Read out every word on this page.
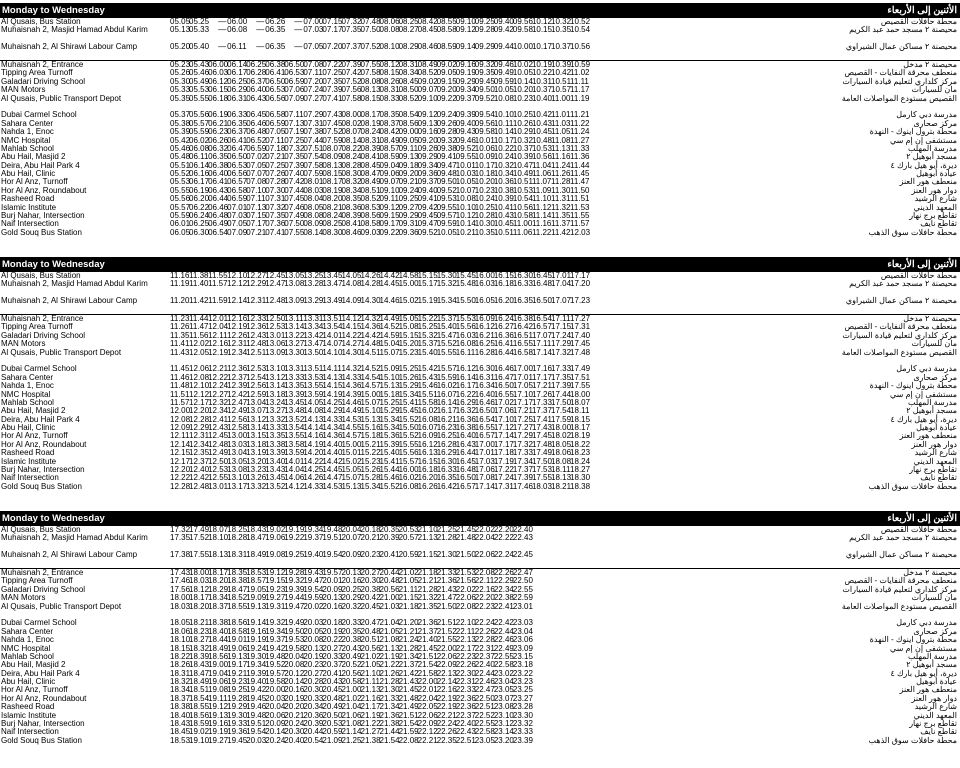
Monday to Wednesday	الأثنين إلى الأربعاء
Al Qusais, Bus Station	05.05 05.25	— 06.00	— 06.26	— 07.00 07.15 07.32 07.48 08.06 08.25 08.42 08.55 09.10 09.25 09.40 09.56 10.12 10.32 10.52	محطة حافلات القصيص
Muhaisnah 2, Masjid Hamad Abdul Karim	05.13 05.33	— 06.08	— 06.35	— 07.03 07.17 07.35 07.50 08.08 08.27 08.45 08.58 09.12 09.28 09.42 09.58 10.15 10.35 10.54	محيصنة ٢ مسجد حمد عبد الكريم
Muhaisnah 2, Al Shirawi Labour Camp	05.20 05.40	— 06.11	— 06.35	— 07.05 07.20 07.37 07.52 08.10 08.29 08.46 08.59 09.14 09.29 09.44 10.00 10.17 10.37 10.56	محيصنة ٢ مساكن عمال الشيراوي
Muhaisnah 2, Entrance	05.23 05.43 06.00 06.14 06.25 06.38 06.50 07.08 07.22 07.39 07.55 08.12 08.31 08.49 09.02 09.16 09.32 09.46 10.02 10.19 10.39 10.59	محيصنة ٢ مدخل
Tipping Area Turnoff	05.26 05.46 06.03 06.17 06.28 06.41 06.53 07.11 07.25 07.42 07.58 08.15 08.34 08.52 09.05 09.19 09.35 09.49 10.05 10.22 10.42 11.02	منعطف محرقة النفايات - القصيص
Galadari Driving School	05.30 05.49 06.12 06.25 06.37 06.50 06.59 07.20 07.35 07.52 08.08 08.26 08.45 09.02 09.15 09.29 09.45 09.59 10.14 10.31 10.51 11.11	مركز كلداري لتعليم قيادة السيارات
MAN Motors	05.33 05.53 06.15 06.29 06.40 06.53 07.06 07.24 07.39 07.56 08.13 08.31 08.50 09.07 09.20 09.34 09.50 10.05 10.20 10.37 10.57 11.17	مان للسيارات
Al Qusais, Public Transport Depot	05.35 05.55 06.18 06.31 06.43 06.56 07.09 07.27 07.41 07.58 08.15 08.33 08.52 09.10 09.22 09.37 09.52 10.08 10.23 10.40 11.00 11.19	القصيص مستودع المواصلات العامة
Dubai Carmel School	05.37 05.56 06.19 06.33 06.45 06.58 07.11 07.29 07.43 08.00 08.17 08.35 08.54 09.12 09.24 09.39 09.54 10.10 10.25 10.42 11.01 11.21	مدرسة دبي كارمل
Sahara Center	05.38 05.57 06.21 06.35 06.46 06.59 07.13 07.31 07.45 08.02 08.19 08.37 08.56 09.13 09.26 09.40 09.56 10.11 10.26 10.43 11.03 11.22	مركز صحارى
Nahda 1, Enoc	05.39 05.59 06.23 06.37 06.48 07.05 07.19 07.38 07.52 08.07 08.24 08.42 09.00 09.16 09.28 09.43 09.58 10.14 10.29 10.45 11.05 11.24	محطة بترول اينوك - النهدة
NMC Hospital	05.42 06.02 06.26 06.41 06.52 07.11 07.25 07.44 07.59 08.14 08.31 08.49 09.05 09.20 09.32 09.46 10.01 10.17 10.32 10.48 11.08 11.27	مستشفى إن إم سي
Mahlab School	05.46 06.08 06.32 06.47 06.59 07.18 07.32 07.51 08.07 08.22 08.39 08.57 09.11 09.26 09.38 09.52 10.06 10.22 10.37 10.53 11.13 11.33	مدرسة المهلب
Abu Hail, Masjid 2	05.48 06.11 06.35 06.50 07.02 07.21 07.35 07.54 08.09 08.24 08.41 08.59 09.13 09.29 09.41 09.55 10.09 10.24 10.39 10.56 11.16 11.36	مسجد أبوهيل ٢
Deira, Abu Hail Park 4	05.51 06.14 06.38 06.53 07.05 07.25 07.39 07.58 08.13 08.28 08.45 09.04 09.18 09.34 09.47 10.01 10.17 10.32 10.47 11.04 11.24 11.44	ديرة، أبو هيل بارك ٤
Abu Hail, Clinic	05.52 06.16 06.40 06.56 07.07 07.26 07.40 07.59 08.15 08.30 08.47 09.06 09.20 09.36 09.48 10.03 10.18 10.34 10.49 11.06 11.26 11.45	عيادة أبوهيل
Hor Al Anz, Turnoff	05.53 06.17 06.41 06.57 07.08 07.28 07.42 08.01 08.17 08.32 08.49 09.07 09.21 09.37 09.50 10.05 10.20 10.36 10.51 11.07 11.28 11.47	منعطف هور العنز
Hor Al Anz, Roundabout	05.55 06.19 06.43 06.58 07.10 07.30 07.44 08.03 08.19 08.34 08.51 09.10 09.24 09.40 09.52 10.07 10.23 10.38 10.53 11.09 11.30 11.50	دوار هور العنز
Rasheed Road	05.56 06.20 06.44 06.59 07.11 07.31 07.45 08.04 08.20 08.35 08.52 09.11 09.25 09.41 09.53 10.08 10.24 10.39 10.54 11.10 11.31 11.51	شارع الرشيد
Islamic Institute	05.57 06.22 06.46 07.01 07.13 07.32 07.46 08.05 08.21 08.36 08.53 09.12 09.27 09.42 09.55 10.10 10.25 10.41 10.56 11.12 11.32 11.53	المعهد الديني
Burj Nahar, Intersection	05.59 06.24 06.48 07.03 07.15 07.35 07.49 08.08 08.24 08.39 08.56 09.15 09.29 09.45 09.57 10.12 10.28 10.43 10.58 11.14 11.35 11.55	تقاطع برج نهار
Naif Intersection	06.01 06.25 06.49 07.05 07.17 07.36 07.50 08.09 08.25 08.41 08.58 09.17 09.31 09.47 09.59 10.14 10.30 10.45 11.00 11.16 11.37 11.57	تقاطع نايف
Gold Souq Bus Station	06.05 06.30 06.54 07.09 07.21 07.41 07.55 08.14 08.30 08.46 09.03 09.22 09.36 09.52 10.05 10.21 10.35 10.51 11.06 11.22 11.42 12.03	محطة حافلات سوق الذهب
Monday to Wednesday	الأثنين إلى الأربعاء
Al Qusais, Bus Station	11.16 11.38 11.55 12.10 12.27 12.45 13.05 13.25 13.45 14.05 14.26 14.42 14.58 15.15 15.30 15.45 16.00 16.15 16.30 16.45 17.01 17.17	محطة حافلات القصيص
Muhaisnah 2, Masjid Hamad Abdul Karim	11.19 11.40 11.57 12.12 12.29 12.47 13.08 13.28 13.47 14.08 14.28 14.45 15.00 15.17 15.32 15.48 16.03 16.18 16.33 16.48 17.04 17.20	محيصنة ٢ مسجد حمد عبد الكريم
Muhaisnah 2, Al Shirawi Labour Camp	11.20 11.42 11.59 12.14 12.31 12.48 13.09 13.29 13.49 14.09 14.30 14.46 15.02 15.19 15.34 15.50 16.05 16.20 16.35 16.50 17.07 17.23	محيصنة ٢ مساكن عمال الشيراوي
Muhaisnah 2, Entrance	11.23 11.44 12.01 12.16 12.33 12.50 13.11 13.31 13.51 14.12 14.32 14.49 15.05 15.22 15.37 15.53 16.09 16.24 16.38 16.54 17.11 17.27	محيصنة ٢ مدخل
Tipping Area Turnoff	11.26 11.47 12.04 12.19 12.36 12.53 13.14 13.34 13.54 14.15 14.36 14.52 15.08 15.25 15.40 15.56 16.12 16.27 16.42 16.57 17.15 17.31	منعطف محرقة النفايات - القصيص
Galadari Driving School	11.35 11.56 12.11 12.26 12.43 13.01 13.22 13.42 14.01 14.22 14.42 14.59 15.15 15.32 15.47 16.03 16.21 16.36 16.51 17.07 17.24 17.40	مركز كلداري لتعليم قيادة السيارات
MAN Motors	11.41 12.02 12.16 12.31 12.48 13.06 13.27 13.47 14.07 14.27 14.48 15.04 15.20 15.37 15.52 16.08 16.25 16.41 16.55 17.11 17.29 17.45	مان للسيارات
Al Qusais, Public Transport Depot	11.43 12.05 12.19 12.34 12.51 13.09 13.30 13.50 14.10 14.30 14.51 15.07 15.23 15.40 15.55 16.11 16.28 16.44 16.58 17.14 17.32 17.48	القصيص مستودع المواصلات العامة
Dubai Carmel School	11.45 12.06 12.21 12.36 12.53 13.10 13.31 13.51 14.11 14.32 14.52 15.09 15.25 15.42 15.57 16.12 16.30 16.46 17.00 17.16 17.33 17.49	مدرسة دبي كارمل
Sahara Center	11.46 12.08 12.22 12.37 12.54 13.12 13.33 13.53 14.13 14.33 14.54 15.10 15.26 15.43 15.59 16.14 16.31 16.47 17.01 17.17 17.35 17.51	مركز صحارى
Nahda 1, Enoc	11.48 12.10 12.24 12.39 12.56 13.14 13.35 13.55 14.15 14.36 14.57 15.13 15.29 15.46 16.02 16.17 16.34 16.50 17.05 17.21 17.39 17.55	محطة بترول اينوك - النهدة
NMC Hospital	11.51 12.12 12.27 12.42 12.59 13.18 13.39 13.59 14.19 14.39 15.00 15.18 15.34 15.51 16.07 16.22 16.40 16.55 17.10 17.26 17.44 18.00	مستشفى إن إم سي
Mahlab School	11.57 12.17 12.32 12.47 13.04 13.24 13.45 14.05 14.25 14.46 15.07 15.25 15.41 15.58 16.14 16.29 16.46 17.02 17.17 17.33 17.50 18.07	مدرسة المهلب
Abu Hail, Masjid 2	12.00 12.20 12.34 12.49 13.07 13.27 13.48 14.08 14.29 14.49 15.10 15.29 15.45 16.02 16.17 16.32 16.50 17.06 17.21 17.37 17.54 18.11	مسجد أبوهيل ٢
Deira, Abu Hail Park 4	12.08 12.28 12.41 12.56 13.12 13.32 13.52 14.13 14.33 14.53 15.13 15.34 15.52 16.08 16.21 16.36 16.54 17.10 17.25 17.41 17.59 18.15	ديرة، أبو هيل بارك ٤
Abu Hail, Clinic	12.09 12.29 12.43 12.58 13.14 13.33 13.54 14.14 14.34 14.55 15.16 15.34 15.50 16.07 16.23 16.38 16.55 17.12 17.27 17.43 18.00 18.17	عيادة أبوهيل
Hor Al Anz, Turnoff	12.11 12.31 12.45 13.00 13.15 13.35 13.55 14.16 14.36 14.57 15.18 15.36 15.52 16.09 16.25 16.40 16.57 17.14 17.29 17.45 18.02 18.19	منعطف هور العنز
Hor Al Anz, Roundabout	12.14 12.34 12.48 13.03 13.18 13.38 13.58 14.19 14.40 15.00 15.21 15.39 15.55 16.12 16.28 16.43 17.00 17.17 17.32 17.48 18.05 18.22	دوار هور العنز
Rasheed Road	12.15 12.35 12.49 13.04 13.19 13.39 13.59 14.20 14.40 15.01 15.22 15.40 15.56 16.13 16.29 16.44 17.01 17.18 17.33 17.49 18.06 18.23	شارع الرشيد
Islamic Institute	12.17 12.37 12.50 13.05 13.20 13.40 14.01 14.22 14.42 15.02 15.23 15.41 15.57 16.15 16.30 16.45 17.03 17.19 17.34 17.50 18.08 18.24	المعهد الديني
Burj Nahar, Intersection	12.20 12.40 12.53 13.08 13.23 13.43 14.04 14.25 14.45 15.05 15.26 15.44 16.00 16.18 16.33 16.48 17.06 17.22 17.37 17.53 18.11 18.27	تقاطع برج نهار
Naif Intersection	12.22 12.42 12.55 13.10 13.26 13.45 14.06 14.26 14.47 15.07 15.28 15.46 16.02 16.20 16.35 16.50 17.08 17.24 17.39 17.55 18.13 18.30	تقاطع نايف
Gold Souq Bus Station	12.28 12.48 13.01 13.17 13.32 13.52 14.12 14.33 14.53 15.13 15.34 15.52 16.08 16.26 16.42 16.57 17.14 17.31 17.46 18.03 18.21 18.38	محطة حافلات سوق الذهب
Monday to Wednesday	الأثنين إلى الأربعاء
Al Qusais, Bus Station	17.32 17.49 18.07 18.25 18.43 19.02 19.19 19.34 19.48 20.04 20.18 20.35 20.53 21.10 21.25 21.45 22.02 22.20 22.40	محطة حافلات القصيص
Muhaisnah 2, Masjid Hamad Abdul Karim	17.35 17.52 18.10 18.28 18.47 19.06 19.22 19.37 19.51 20.07 20.21 20.39 20.57 21.13 21.28 21.48 22.04 22.22 22.43	محيصنة ٢ مسجد حمد عبد الكريم
Muhaisnah 2, Al Shirawi Labour Camp	17.38 17.55 18.13 18.31 18.49 19.08 19.25 19.40 19.54 20.09 20.23 20.41 20.59 21.15 21.30 21.50 22.06 22.24 22.45	محيصنة ٢ مساكن عمال الشيراوي
Muhaisnah 2, Entrance	17.43 18.00 18.17 18.35 18.53 19.12 19.28 19.43 19.57 20.13 20.27 20.44 21.02 21.18 21.33 21.53 22.08 22.26 22.47	محيصنة ٢ مدخل
Tipping Area Turnoff	17.46 18.03 18.20 18.38 18.57 19.15 19.32 19.47 20.01 20.16 20.30 20.48 21.05 21.21 21.36 21.56 22.11 22.29 22.50	منعطف محرقة النفايات - القصيص
Galadari Driving School	17.56 18.12 18.29 18.47 19.05 19.23 19.39 19.54 20.09 20.25 20.38 20.56 21.11 21.28 21.43 22.02 22.16 22.34 22.55	مركز كلداري لتعليم قيادة السيارات
MAN Motors	18.00 18.17 18.34 18.52 19.09 19.27 19.44 19.59 20.13 20.29 20.42 21.00 21.15 21.32 21.47 22.06 22.20 22.38 22.59	مان للسيارات
Al Qusais, Public Transport Depot	18.03 18.20 18.37 18.55 19.13 19.31 19.47 20.02 20.16 20.32 20.45 21.03 21.18 21.35 21.50 22.08 22.23 22.41 23.01	القصيص مستودع المواصلات العامة
Dubai Carmel School	18.05 18.21 18.38 18.56 19.14 19.32 19.49 20.03 20.18 20.33 20.47 21.04 21.20 21.36 21.51 22.10 22.24 22.42 23.03	مدرسة دبي كارمل
Sahara Center	18.06 18.23 18.40 18.58 19.16 19.34 19.50 20.05 20.19 20.35 20.48 21.05 21.21 21.37 21.52 22.11 22.26 22.44 23.04	مركز صحارى
Nahda 1, Enoc	18.10 18.27 18.44 19.01 19.19 19.37 19.53 20.08 20.22 20.38 20.51 21.08 21.24 21.40 21.55 22.13 22.28 22.46 23.06	محطة بترول اينوك - النهدة
NMC Hospital	18.15 18.32 18.49 19.06 19.24 19.42 19.58 20.13 20.27 20.43 20.56 21.13 21.28 21.45 22.00 22.17 22.31 22.49 23.09	مستشفى إن إم سي
Mahlab School	18.22 18.39 18.56 19.13 19.30 19.48 20.04 20.19 20.33 20.49 21.02 21.19 21.34 21.51 22.06 22.23 22.37 22.55 23.15	مدرسة المهلب
Abu Hail, Masjid 2	18.26 18.43 19.00 19.17 19.34 19.52 20.08 20.23 20.37 20.52 21.05 21.22 21.37 21.54 22.09 22.26 22.40 22.58 23.18	مسجد أبوهيل ٢
Deira, Abu Hail Park 4	18.31 18.47 19.04 19.21 19.39 19.57 20.12 20.27 20.41 20.56 21.10 21.26 21.42 21.58 22.13 22.30 22.44 23.02 23.22	ديرة، أبو هيل بارك ٤
Abu Hail, Clinic	18.32 18.49 19.06 19.23 19.40 19.58 20.14 20.28 20.43 20.58 21.11 21.28 21.43 22.00 22.14 22.31 22.46 23.04 23.23	عيادة أبوهيل
Hor Al Anz, Turnoff	18.34 18.51 19.08 19.25 19.42 20.00 20.16 20.30 20.45 21.00 21.13 21.30 21.45 22.01 22.16 22.33 22.47 23.05 23.25	منعطف هور العنز
Hor Al Anz, Roundabout	18.37 18.54 19.11 19.28 19.45 20.03 20.19 20.33 20.48 21.02 21.16 21.33 21.48 22.04 22.19 22.36 22.50 23.07 23.27	دوار هور العنز
Rasheed Road	18.38 18.55 19.12 19.29 19.46 20.04 20.20 20.34 20.49 21.04 21.17 21.34 21.49 22.05 22.19 22.36 22.51 23.08 23.28	شارع الرشيد
Islamic Institute	18.40 18.56 19.13 19.30 19.48 20.06 20.21 20.36 20.50 21.06 21.19 21.36 21.51 22.06 22.21 22.37 22.52 23.10 23.30	المعهد الديني
Burj Nahar, Intersection	18.43 18.59 19.16 19.33 19.51 20.09 20.24 20.39 20.53 21.08 21.22 21.38 21.54 22.09 22.24 22.40 22.55 23.12 23.32	تقاطع برج نهار
Naif Intersection	18.45 19.02 19.19 19.36 19.54 20.14 20.30 20.44 20.59 21.14 21.27 21.44 21.59 22.12 22.26 22.43 22.58 23.14 23.33	تقاطع نايف
Gold Souq Bus Station	18.53 19.10 19.27 19.45 20.03 20.24 20.40 20.54 21.09 21.25 21.38 21.54 22.08 22.21 22.35 22.51 23.05 23.20 23.39	محطة حافلات سوق الذهب
